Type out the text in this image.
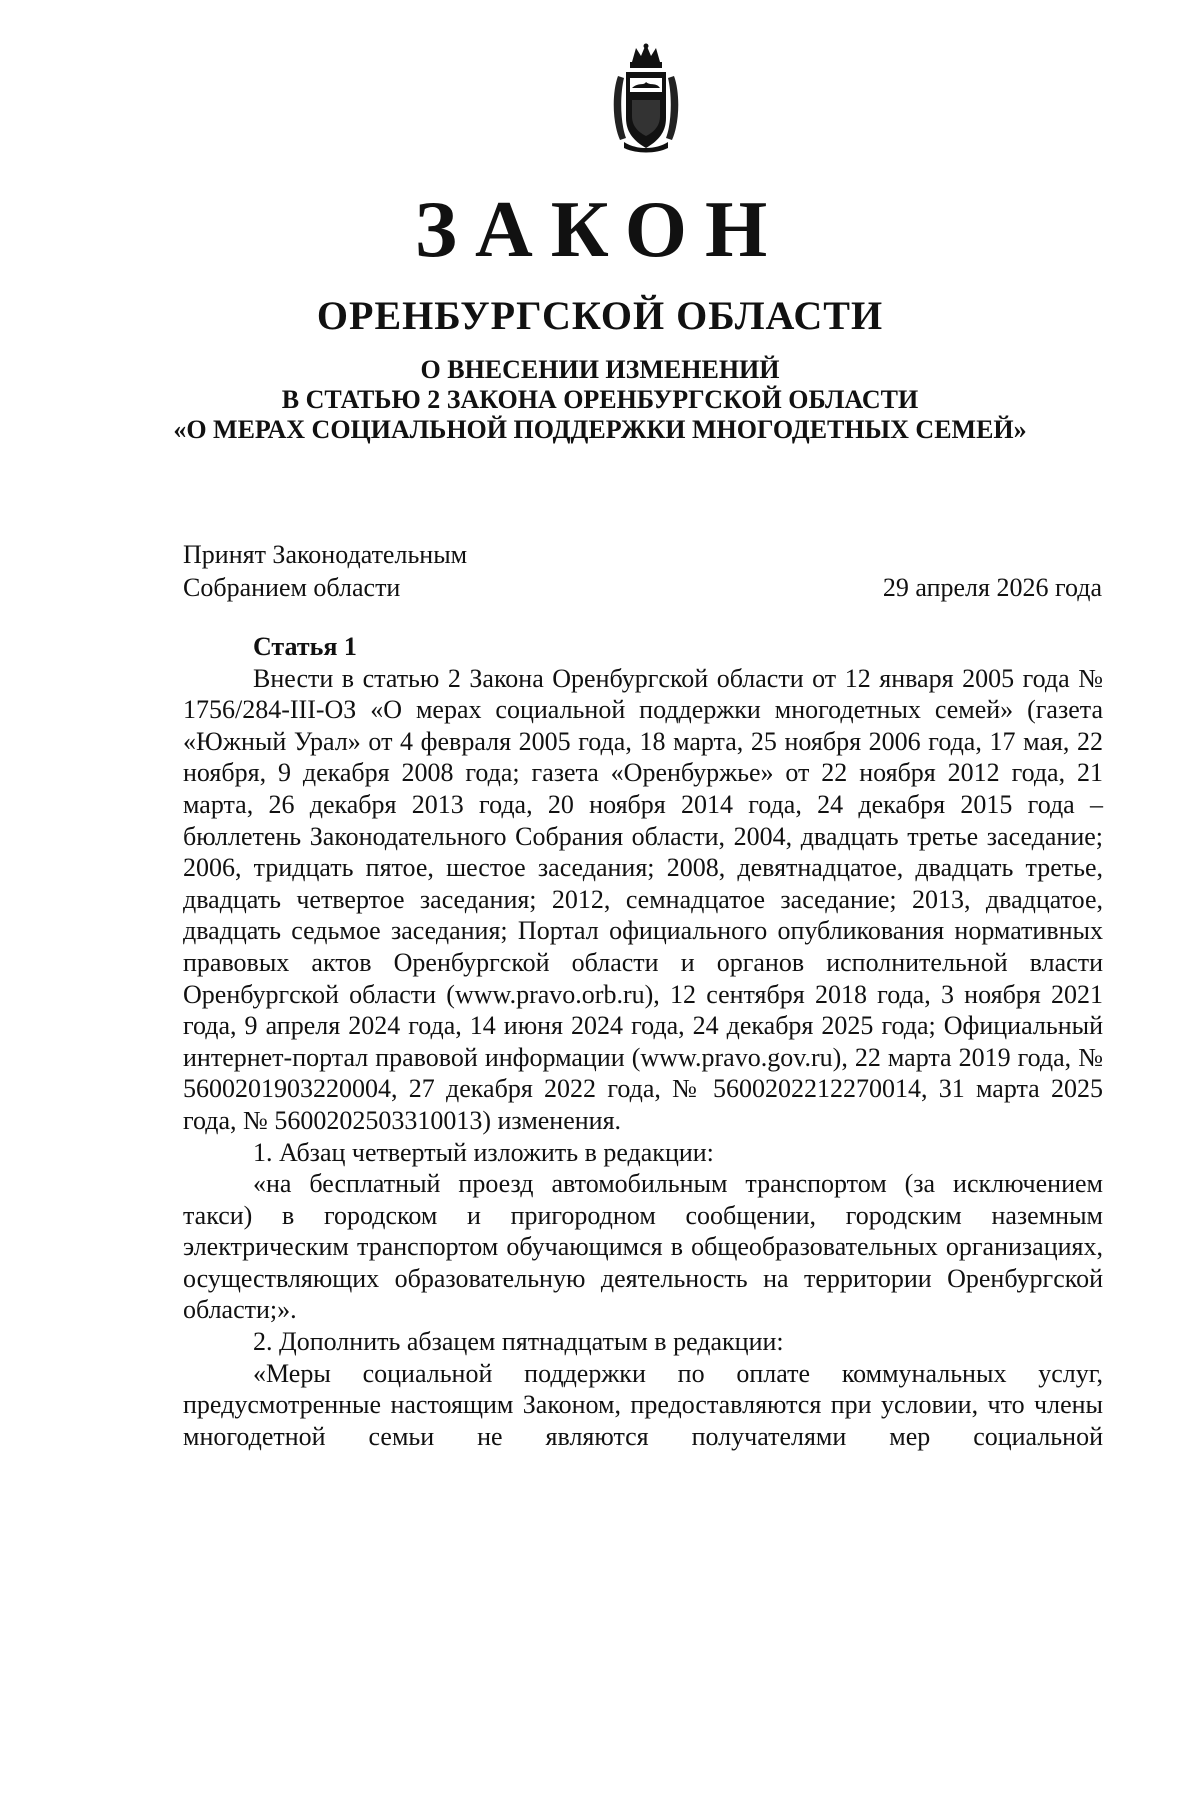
ЗАКОН
ОРЕНБУРГСКОЙ ОБЛАСТИ
О ВНЕСЕНИИ ИЗМЕНЕНИЙ
В СТАТЬЮ 2 ЗАКОНА ОРЕНБУРГСКОЙ ОБЛАСТИ
«О МЕРАХ СОЦИАЛЬНОЙ ПОДДЕРЖКИ МНОГОДЕТНЫХ СЕМЕЙ»
Принят Законодательным
Собранием области	29 апреля 2026 года

Статья 1

Внести в статью 2 Закона Оренбургской области от 12 января 2005 года № 1756/284-III-ОЗ «О мерах социальной поддержки многодетных семей» (газета «Южный Урал» от 4 февраля 2005 года, 18 марта, 25 ноября 2006 года, 17 мая, 22 ноября, 9 декабря 2008 года; газета «Оренбуржье» от 22 ноября 2012 года, 21 марта, 26 декабря 2013 года, 20 ноября 2014 года, 24 декабря 2015 года – бюллетень Законодательного Собрания области, 2004, двадцать третье заседание; 2006, тридцать пятое, шестое заседания; 2008, девятнадцатое, двадцать третье, двадцать четвертое заседания; 2012, семнадцатое заседание; 2013, двадцатое, двадцать седьмое заседания; Портал официального опубликования нормативных правовых актов Оренбургской области и органов исполнительной власти Оренбургской области (www.pravo.orb.ru), 12 сентября 2018 года, 3 ноября 2021 года, 9 апреля 2024 года, 14 июня 2024 года, 24 декабря 2025 года; Официальный интернет-портал правовой информации (www.pravo.gov.ru), 22 марта 2019 года, № 5600201903220004, 27 декабря 2022 года, № 5600202212270014, 31 марта 2025 года, № 5600202503310013) изменения.

1. Абзац четвертый изложить в редакции:

«на бесплатный проезд автомобильным транспортом (за исключением такси) в городском и пригородном сообщении, городским наземным электрическим транспортом обучающимся в общеобразовательных организациях, осуществляющих образовательную деятельность на территории Оренбургской области;».

2. Дополнить абзацем пятнадцатым в редакции:

«Меры социальной поддержки по оплате коммунальных услуг, предусмотренные настоящим Законом, предоставляются при условии, что члены многодетной семьи не являются получателями мер социальной
